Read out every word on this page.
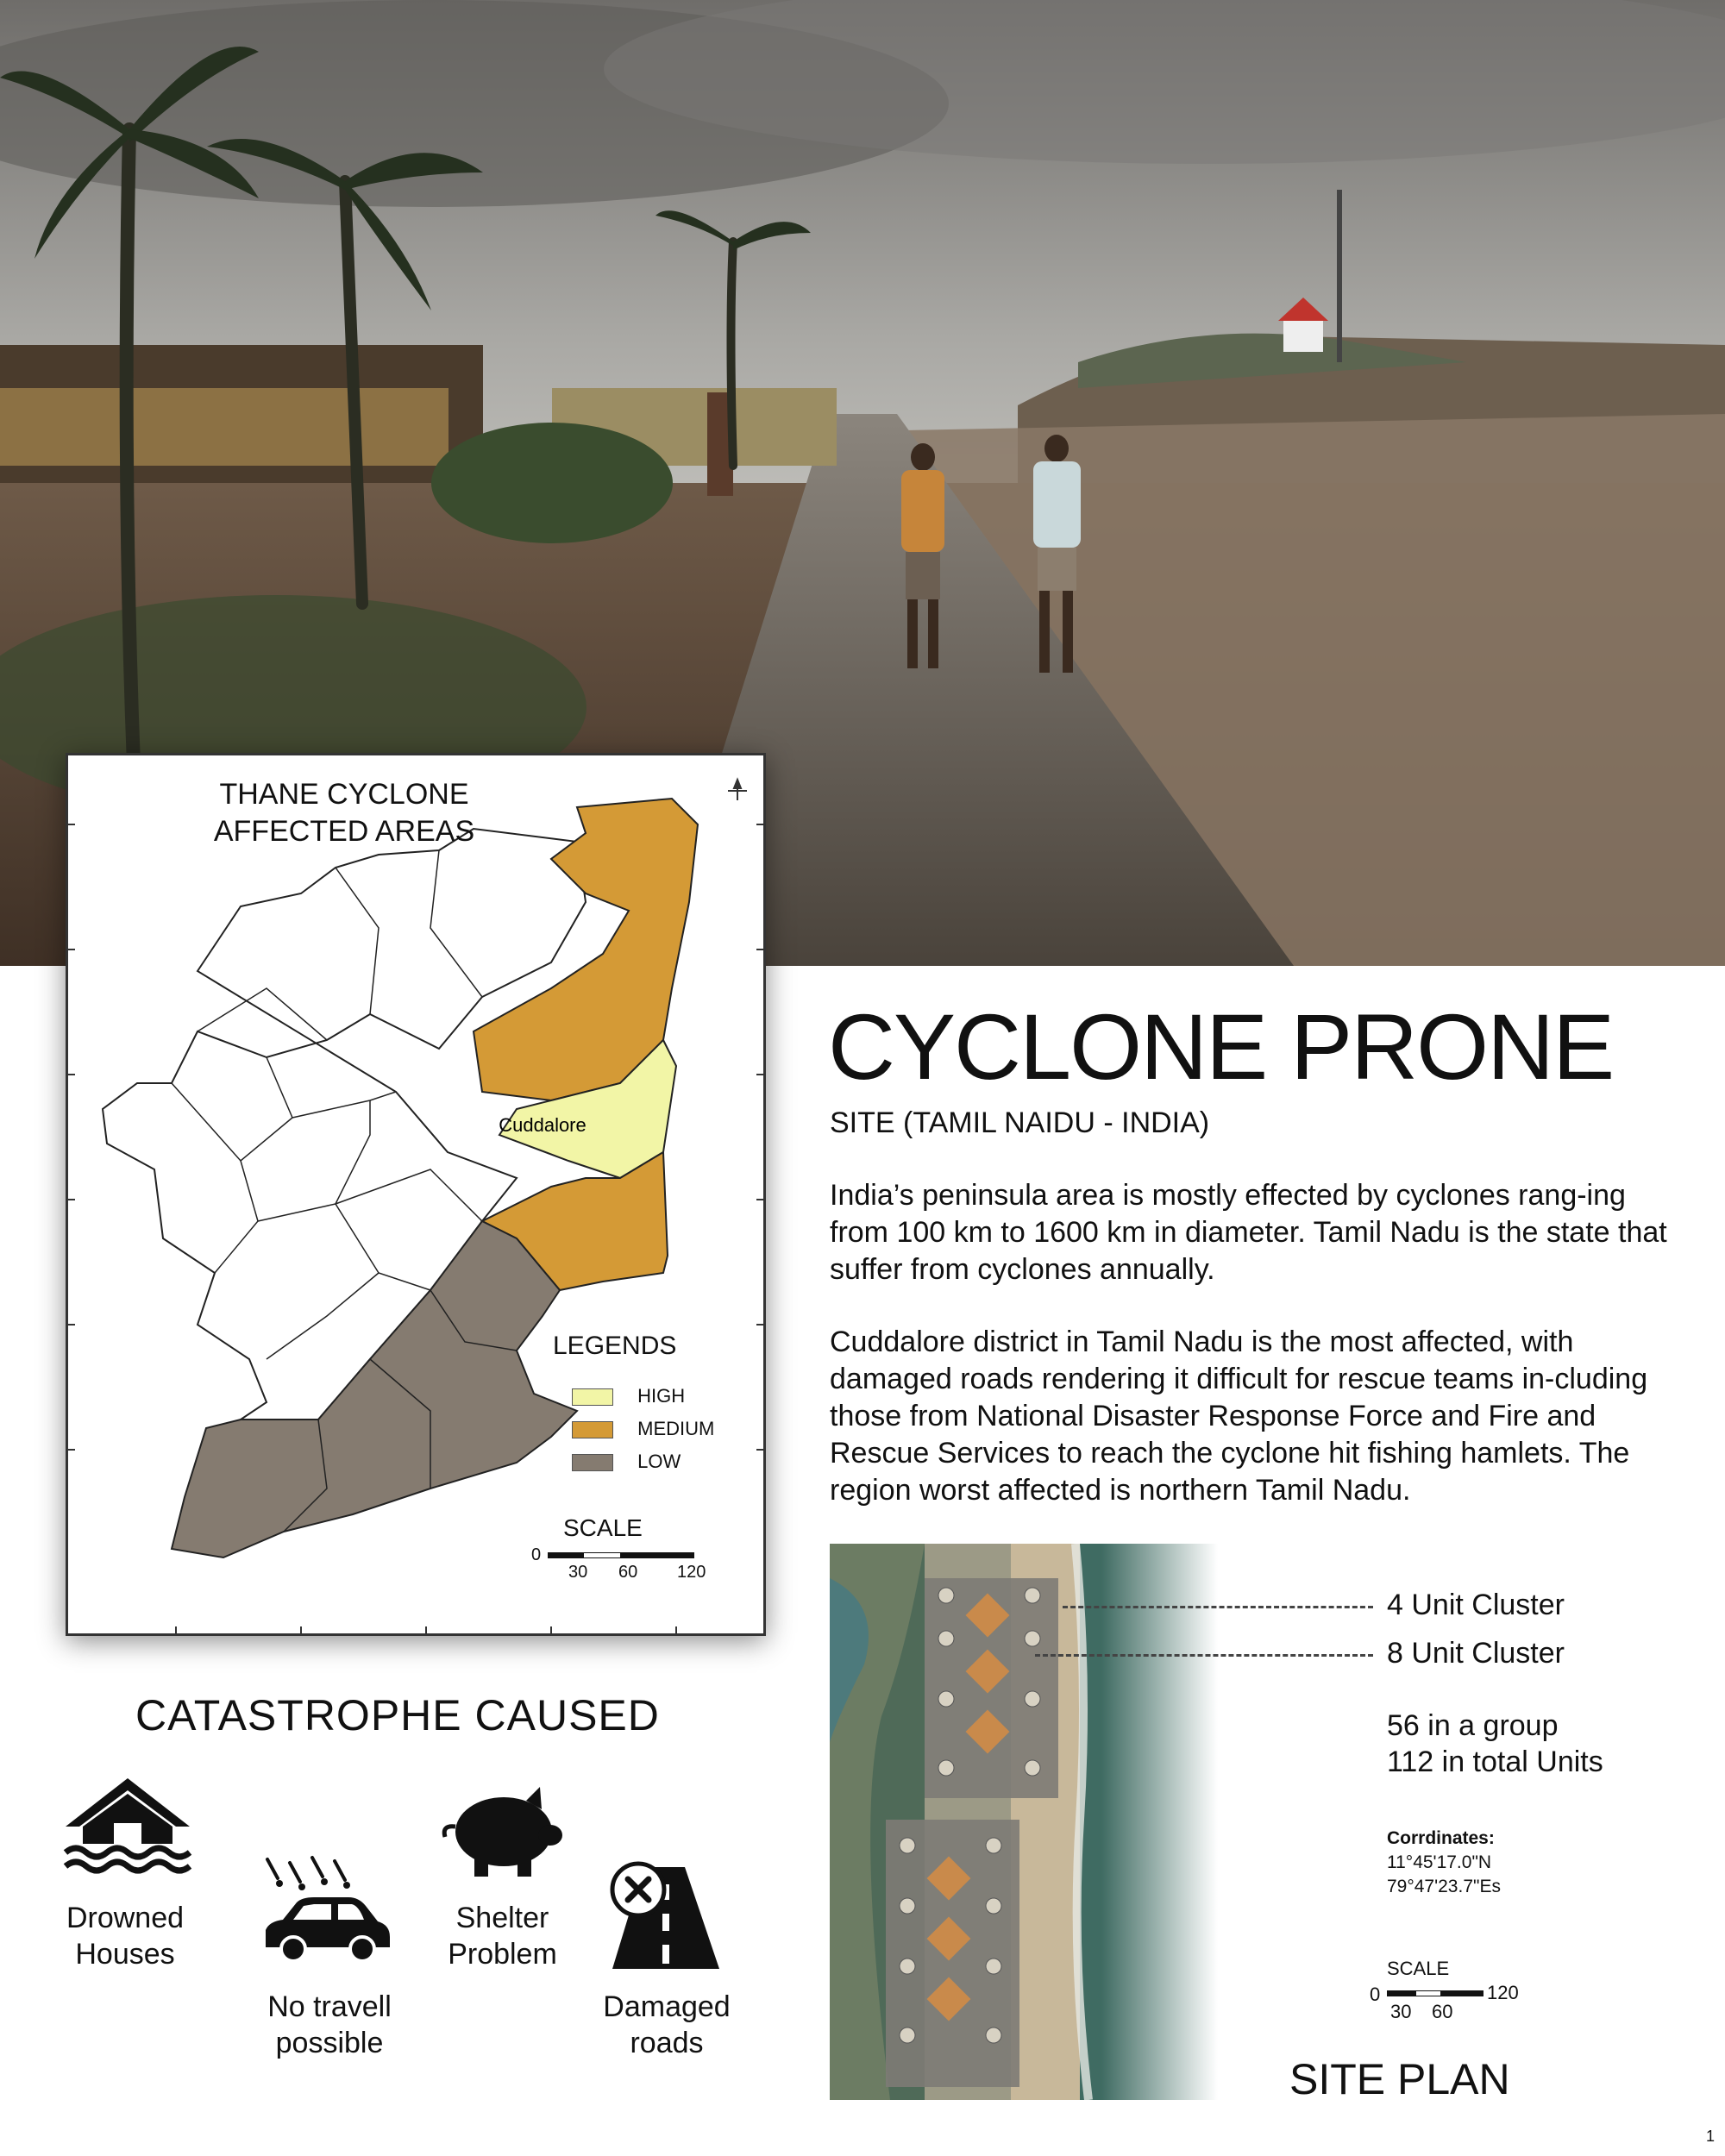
Cuddalore
THANE CYCLONE
AFFECTED AREAS
LEGENDS
HIGH
MEDIUM
LOW
SCALE
0
30 60 120
CYCLONE PRONE
SITE (TAMIL NAIDU - INDIA)
India’s peninsula area is mostly effected by cyclones rang-ing from 100 km to 1600 km in diameter. Tamil Nadu is the state that suffer from cyclones annually.
Cuddalore district in Tamil Nadu is the most affected, with damaged roads rendering it difficult for rescue teams in-cluding those from National Disaster Response Force and Fire and Rescue Services to reach the cyclone hit fishing hamlets. The region worst affected is northern Tamil Nadu.
4 Unit Cluster
8 Unit Cluster
56 in a group
112 in total Units
Corrdinates:
11°45'17.0"N
79°47'23.7"Es
SCALE
0	120
30 60
SITE PLAN
CATASTROPHE CAUSED
Drowned
Houses
No travell
possible
Shelter
Problem
Damaged
roads
1
